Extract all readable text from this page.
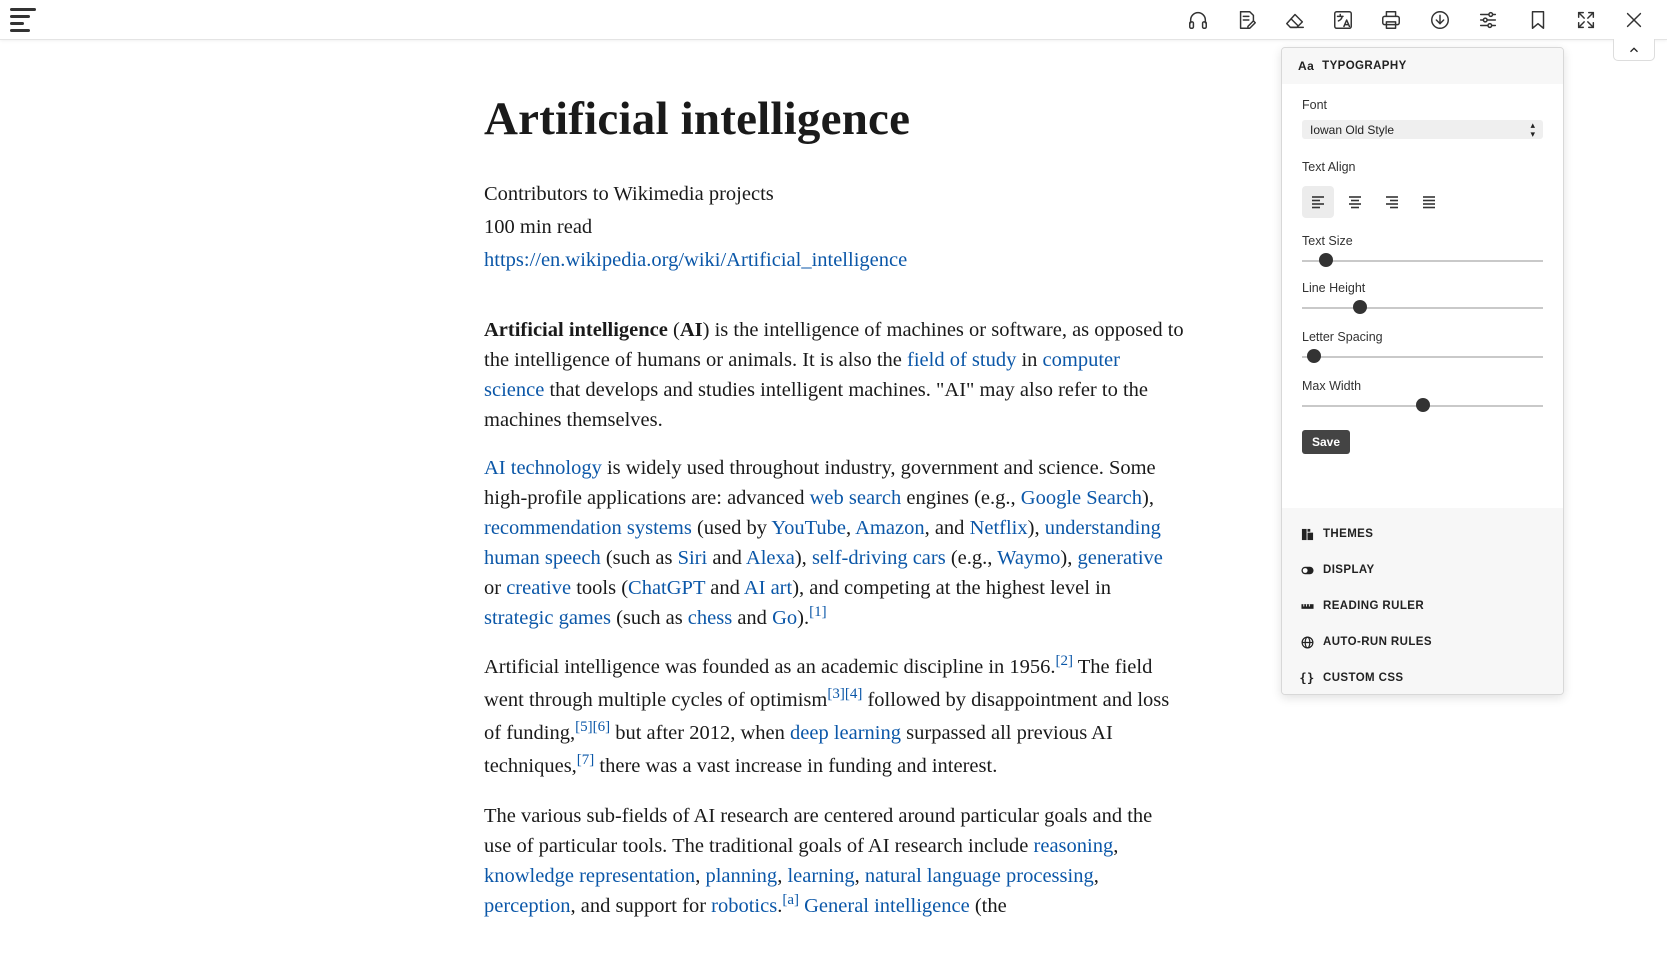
Artificial intelligence
Contributors to Wikimedia projects
100 min read
https://en.wikipedia.org/wiki/Artificial_intelligence

Artificial intelligence (AI) is the intelligence of machines or software, as opposed to the intelligence of humans or animals. It is also the field of study in computer science that develops and studies intelligent machines. "AI" may also refer to the machines themselves.

AI technology is widely used throughout industry, government and science. Some high-profile applications are: advanced web search engines (e.g., Google Search), recommendation systems (used by YouTube, Amazon, and Netflix), understanding human speech (such as Siri and Alexa), self-driving cars (e.g., Waymo), generative or creative tools (ChatGPT and AI art), and competing at the highest level in strategic games (such as chess and Go).[1]

Artificial intelligence was founded as an academic discipline in 1956.[2] The field went through multiple cycles of optimism[3][4] followed by disappointment and loss of funding,[5][6] but after 2012, when deep learning surpassed all previous AI techniques,[7] there was a vast increase in funding and interest.

The various sub-fields of AI research are centered around particular goals and the use of particular tools. The traditional goals of AI research include reasoning, knowledge representation, planning, learning, natural language processing, perception, and support for robotics.[a] General intelligence (the

Aa TYPOGRAPHY
Font
Iowan Old Style	▴
▾
Text Align
Text Size
Line Height
Letter Spacing
Max Width
Save
THEMES
DISPLAY
READING RULER
AUTO-RUN RULES
{} CUSTOM CSS
